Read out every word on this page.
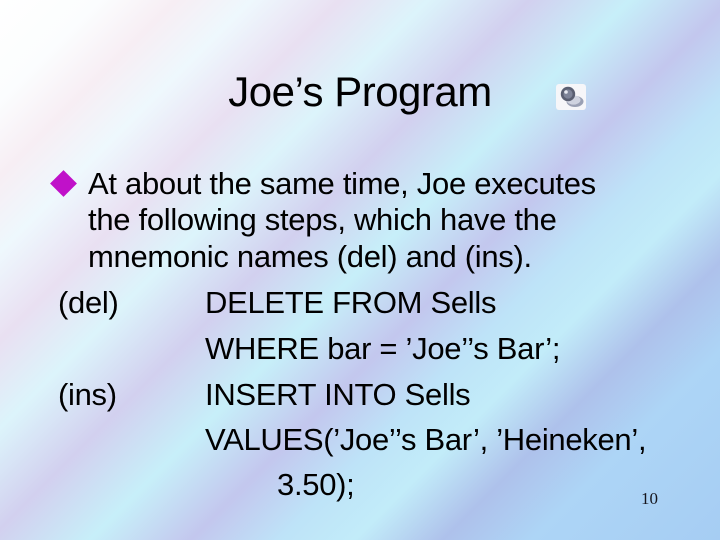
Joe’s Program
At about the same time, Joe executes
the following steps, which have the
mnemonic names (del) and (ins).
(del)	DELETE FROM Sells
WHERE bar = ’Joe’’s Bar’;
(ins)	INSERT INTO Sells
VALUES(’Joe’’s Bar’, ’Heineken’,
3.50);	10
